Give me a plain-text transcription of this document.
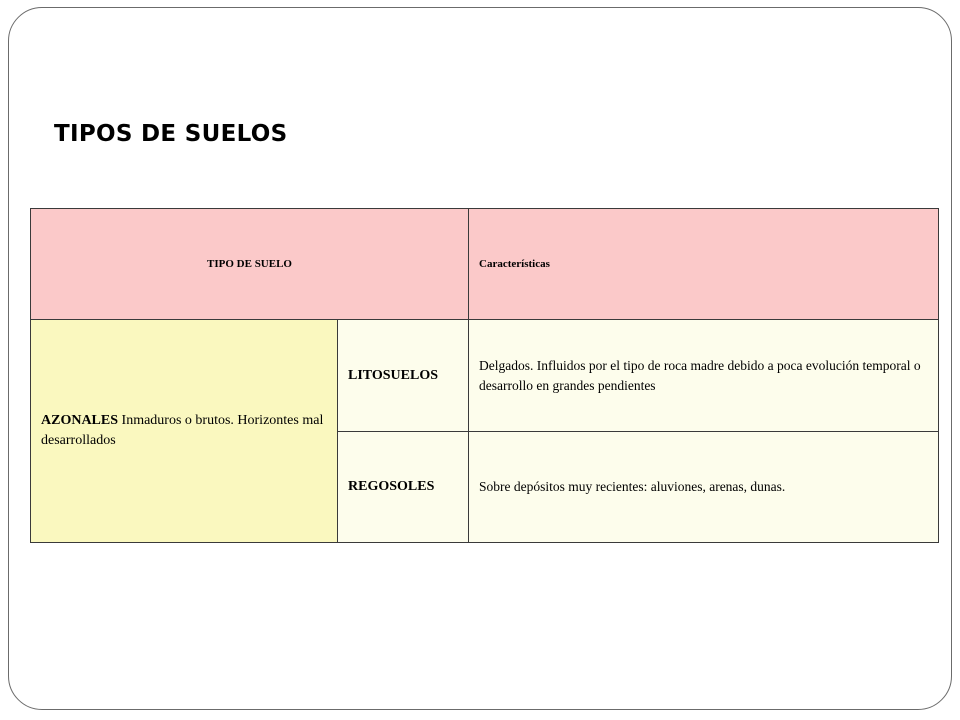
TIPOS DE SUELOS
TIPO DE SUELO		Características
AZONALES Inmaduros o brutos. Horizontes mal desarrollados	LITOSUELOS	Delgados. Influidos por el tipo de roca madre debido a poca evolución temporal o desarrollo en grandes pendientes
	REGOSOLES	Sobre depósitos muy recientes: aluviones, arenas, dunas.
